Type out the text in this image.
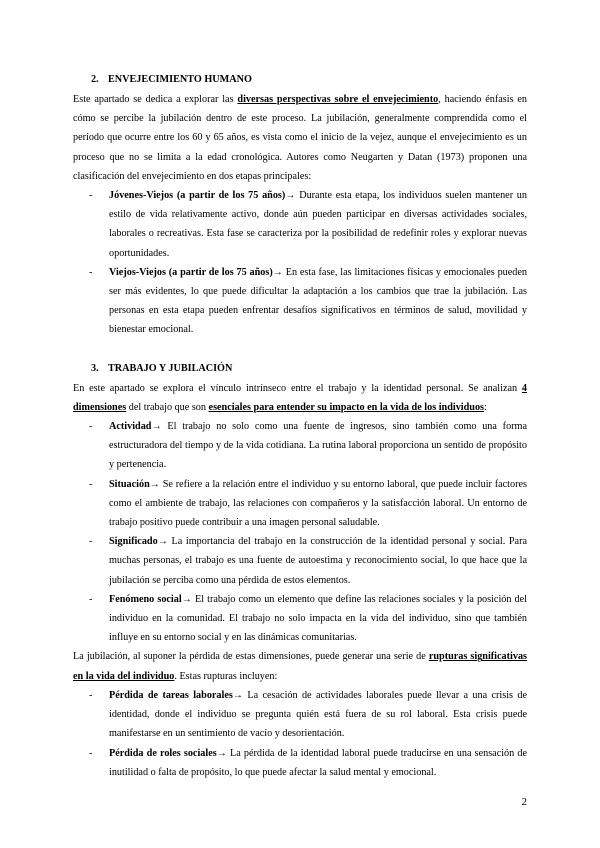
2. ENVEJECIMIENTO HUMANO

Este apartado se dedica a explorar las diversas perspectivas sobre el envejecimiento, haciendo énfasis en cómo se percibe la jubilación dentro de este proceso. La jubilación, generalmente comprendida como el período que ocurre entre los 60 y 65 años, es vista como el inicio de la vejez, aunque el envejecimiento es un proceso que no se limita a la edad cronológica. Autores como Neugarten y Datan (1973) proponen una clasificación del envejecimiento en dos etapas principales:

- Jóvenes-Viejos (a partir de los 75 años)→ Durante esta etapa, los individuos suelen mantener un estilo de vida relativamente activo, donde aún pueden participar en diversas actividades sociales, laborales o recreativas. Esta fase se caracteriza por la posibilidad de redefinir roles y explorar nuevas oportunidades.
- Viejos-Viejos (a partir de los 75 años)→ En esta fase, las limitaciones físicas y emocionales pueden ser más evidentes, lo que puede dificultar la adaptación a los cambios que trae la jubilación. Las personas en esta etapa pueden enfrentar desafíos significativos en términos de salud, movilidad y bienestar emocional.

3. TRABAJO Y JUBILACIÓN

En este apartado se explora el vínculo intrínseco entre el trabajo y la identidad personal. Se analizan 4 dimensiones del trabajo que son esenciales para entender su impacto en la vida de los individuos:

- Actividad→ El trabajo no solo como una fuente de ingresos, sino también como una forma estructuradora del tiempo y de la vida cotidiana. La rutina laboral proporciona un sentido de propósito y pertenencia.
- Situación→ Se refiere a la relación entre el individuo y su entorno laboral, que puede incluir factores como el ambiente de trabajo, las relaciones con compañeros y la satisfacción laboral. Un entorno de trabajo positivo puede contribuir a una imagen personal saludable.
- Significado→ La importancia del trabajo en la construcción de la identidad personal y social. Para muchas personas, el trabajo es una fuente de autoestima y reconocimiento social, lo que hace que la jubilación se perciba como una pérdida de estos elementos.
- Fenómeno social→ El trabajo como un elemento que define las relaciones sociales y la posición del individuo en la comunidad. El trabajo no solo impacta en la vida del individuo, sino que también influye en su entorno social y en las dinámicas comunitarias.

La jubilación, al suponer la pérdida de estas dimensiones, puede generar una serie de rupturas significativas en la vida del individuo. Estas rupturas incluyen:

- Pérdida de tareas laborales→ La cesación de actividades laborales puede llevar a una crisis de identidad, donde el individuo se pregunta quién está fuera de su rol laboral. Esta crisis puede manifestarse en un sentimiento de vacío y desorientación.
- Pérdida de roles sociales→ La pérdida de la identidad laboral puede traducirse en una sensación de inutilidad o falta de propósito, lo que puede afectar la salud mental y emocional.
2
